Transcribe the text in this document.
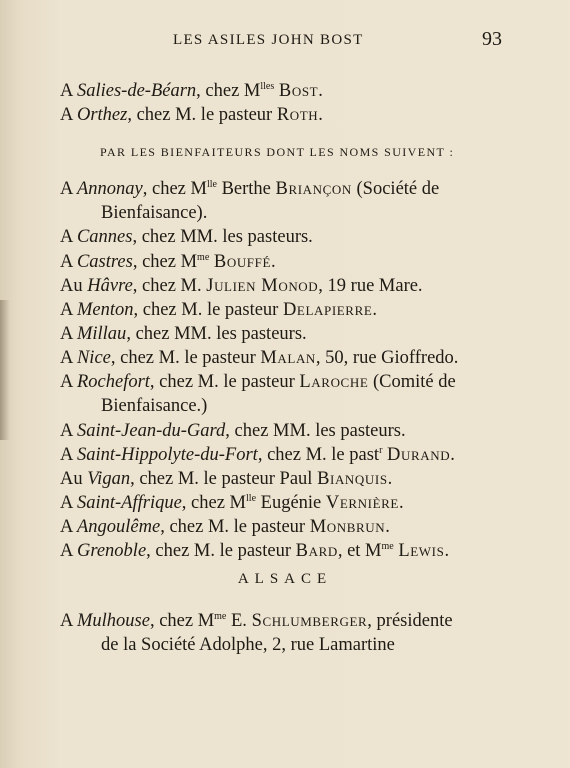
LES ASILES JOHN BOST	93
A Salies-de-Béarn, chez $M^{lles}$ Bost.
A Orthez, chez M. le pasteur Roth.
PAR LES BIENFAITEURS DONT LES NOMS SUIVENT :
A Annonay, chez $M^{lle}$ Berthe Briançon (Société de
Bienfaisance).
A Cannes, chez MM. les pasteurs.
A Castres, chez $M^{me}$ Bouffé.
Au Hâvre, chez M. Julien Monod, 19 rue Mare.
A Menton, chez M. le pasteur Delapierre.
A Millau, chez MM. les pasteurs.
A Nice, chez M. le pasteur Malan, 50, rue Gioffredo.
A Rochefort, chez M. le pasteur Laroche (Comité de
Bienfaisance.)
A Saint-Jean-du-Gard, chez MM. les pasteurs.
A Saint-Hippolyte-du-Fort, chez M. le past$^r$ Durand.
Au Vigan, chez M. le pasteur Paul Bianquis.
A Saint-Affrique, chez $M^{lle}$ Eugénie Vernière.
A Angoulême, chez M. le pasteur Monbrun.
A Grenoble, chez M. le pasteur Bard, et $M^{me}$ Lewis.
ALSACE
A Mulhouse, chez $M^{me}$ E. Schlumberger, présidente
de la Société Adolphe, 2, rue Lamartine
